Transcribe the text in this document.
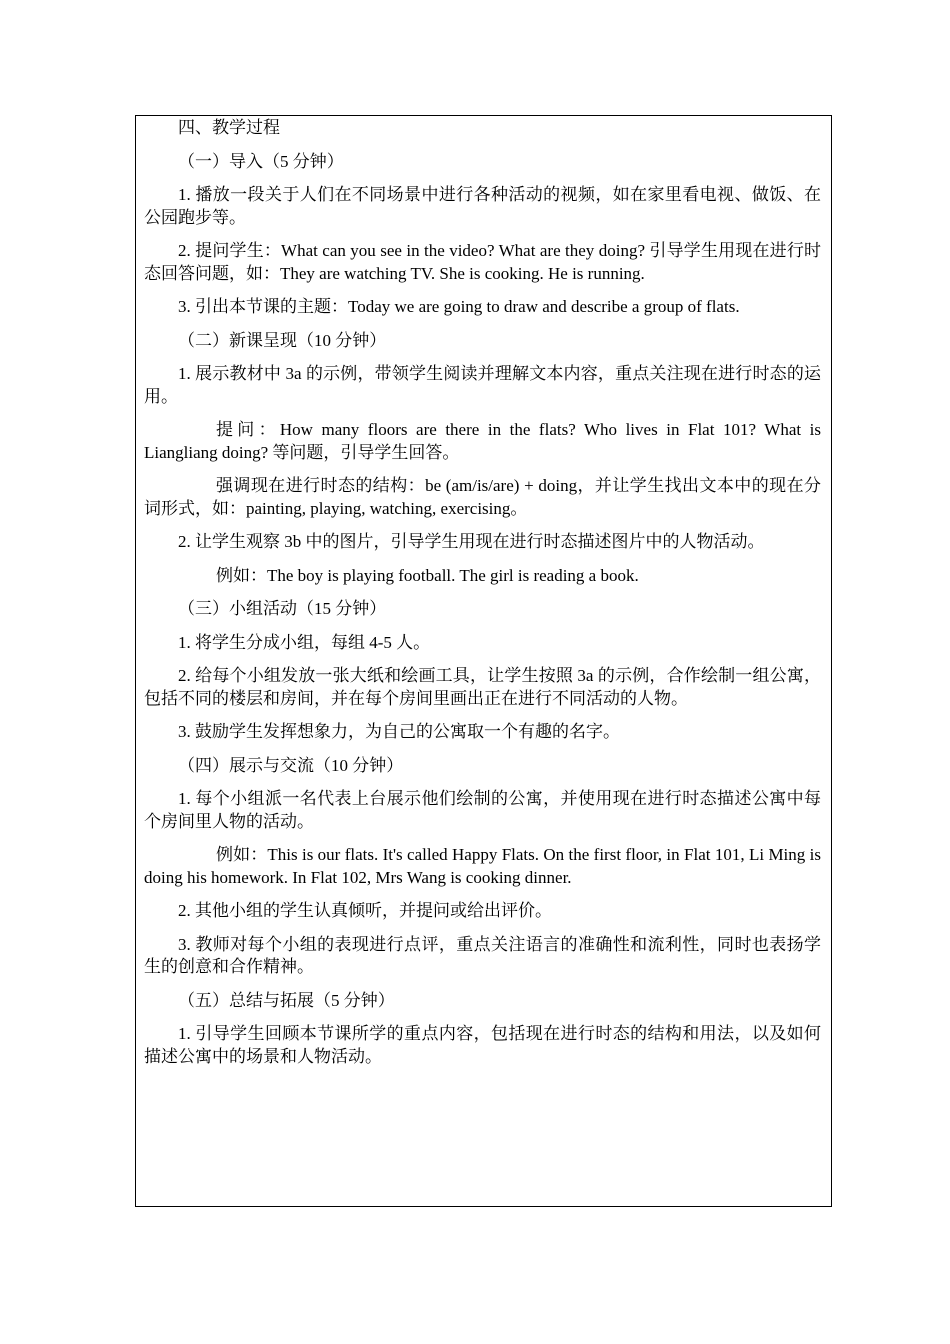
四、教学过程
（一）导入（5 分钟）
1. 播放一段关于人们在不同场景中进行各种活动的视频，如在家里看电视、做饭、在公园跑步等。
2. 提问学生：What can you see in the video? What are they doing? 引导学生用现在进行时态回答问题，如：They are watching TV. She is cooking. He is running.
3. 引出本节课的主题：Today we are going to draw and describe a group of flats.
（二）新课呈现（10 分钟）
1. 展示教材中 3a 的示例，带领学生阅读并理解文本内容，重点关注现在进行时态的运用。
提问：How many floors are there in the flats? Who lives in Flat 101? What is Liangliang doing? 等问题，引导学生回答。
强调现在进行时态的结构：be (am/is/are) + doing，并让学生找出文本中的现在分词形式，如：painting, playing, watching, exercising。
2. 让学生观察 3b 中的图片，引导学生用现在进行时态描述图片中的人物活动。
例如：The boy is playing football. The girl is reading a book.
（三）小组活动（15 分钟）
1. 将学生分成小组，每组 4-5 人。
2. 给每个小组发放一张大纸和绘画工具，让学生按照 3a 的示例，合作绘制一组公寓，包括不同的楼层和房间，并在每个房间里画出正在进行不同活动的人物。
3. 鼓励学生发挥想象力，为自己的公寓取一个有趣的名字。
（四）展示与交流（10 分钟）
1. 每个小组派一名代表上台展示他们绘制的公寓，并使用现在进行时态描述公寓中每个房间里人物的活动。
例如：This is our flats. It's called Happy Flats. On the first floor, in Flat 101, Li Ming is doing his homework. In Flat 102, Mrs Wang is cooking dinner.
2. 其他小组的学生认真倾听，并提问或给出评价。
3. 教师对每个小组的表现进行点评，重点关注语言的准确性和流利性，同时也表扬学生的创意和合作精神。
（五）总结与拓展（5 分钟）
1. 引导学生回顾本节课所学的重点内容，包括现在进行时态的结构和用法，以及如何描述公寓中的场景和人物活动。
